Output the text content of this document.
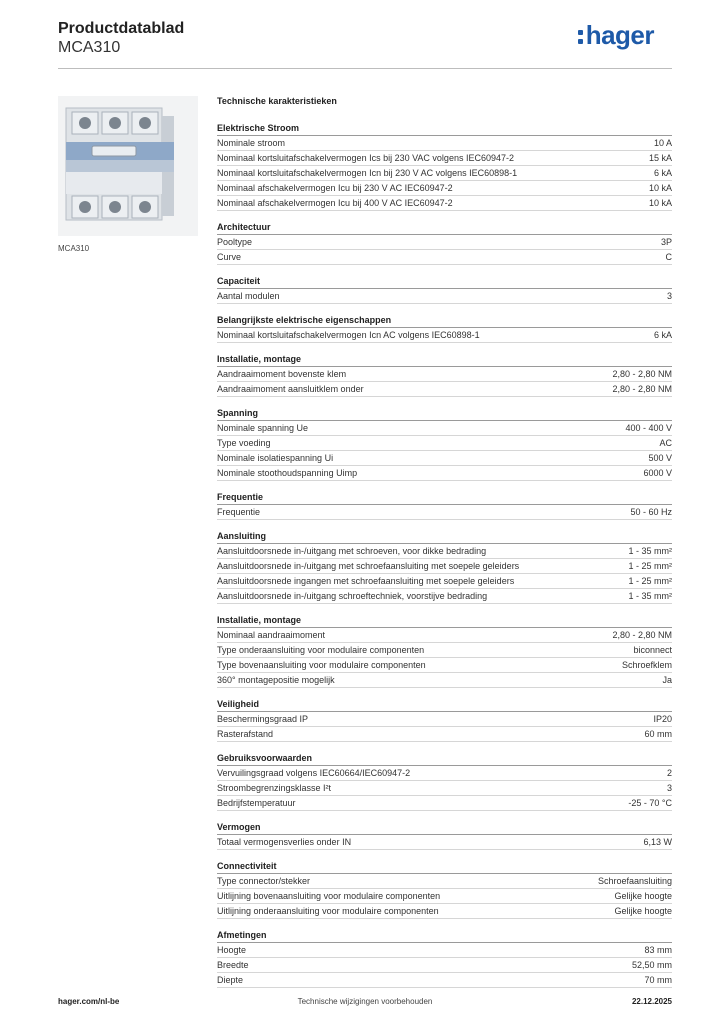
Productdatablad
MCA310	hager
MCA310
Technische karakteristieken
Elektrische Stroom
Nominale stroom	10 A
Nominaal kortsluitafschakelvermogen Ics bij 230 VAC volgens IEC60947-2	15 kA
Nominaal kortsluitafschakelvermogen Icn bij 230 V AC volgens IEC60898-1	6 kA
Nominaal afschakelvermogen Icu bij 230 V AC IEC60947-2	10 kA
Nominaal afschakelvermogen Icu bij 400 V AC IEC60947-2	10 kA
Architectuur
Pooltype	3P
Curve	C
Capaciteit
Aantal modulen	3
Belangrijkste elektrische eigenschappen
Nominaal kortsluitafschakelvermogen Icn AC volgens IEC60898-1	6 kA
Installatie, montage
Aandraaimoment bovenste klem	2,80 - 2,80 NM
Aandraaimoment aansluitklem onder	2,80 - 2,80 NM
Spanning
Nominale spanning Ue	400 - 400 V
Type voeding	AC
Nominale isolatiespanning Ui	500 V
Nominale stoothoudspanning Uimp	6000 V
Frequentie
Frequentie	50 - 60 Hz
Aansluiting
Aansluitdoorsnede in-/uitgang met schroeven, voor dikke bedrading	1 - 35 mm²
Aansluitdoorsnede in-/uitgang met schroefaansluiting met soepele geleiders	1 - 25 mm²
Aansluitdoorsnede ingangen met schroefaansluiting met soepele geleiders	1 - 25 mm²
Aansluitdoorsnede in-/uitgang schroeftechniek, voorstijve bedrading	1 - 35 mm²
Installatie, montage
Nominaal aandraaimoment	2,80 - 2,80 NM
Type onderaansluiting voor modulaire componenten	biconnect
Type bovenaansluiting voor modulaire componenten	Schroefklem
360° montagepositie mogelijk	Ja
Veiligheid
Beschermingsgraad IP	IP20
Rasterafstand	60 mm
Gebruiksvoorwaarden
Vervuilingsgraad volgens IEC60664/IEC60947-2	2
Stroombegrenzingsklasse I²t	3
Bedrijfstemperatuur	-25 - 70 °C
Vermogen
Totaal vermogensverlies onder IN	6,13 W
Connectiviteit
Type connector/stekker	Schroefaansluiting
Uitlijning bovenaansluiting voor modulaire componenten	Gelijke hoogte
Uitlijning onderaansluiting voor modulaire componenten	Gelijke hoogte
Afmetingen
Hoogte	83 mm
Breedte	52,50 mm
Diepte	70 mm
hager.com/nl-be	Technische wijzigingen voorbehouden	22.12.2025
